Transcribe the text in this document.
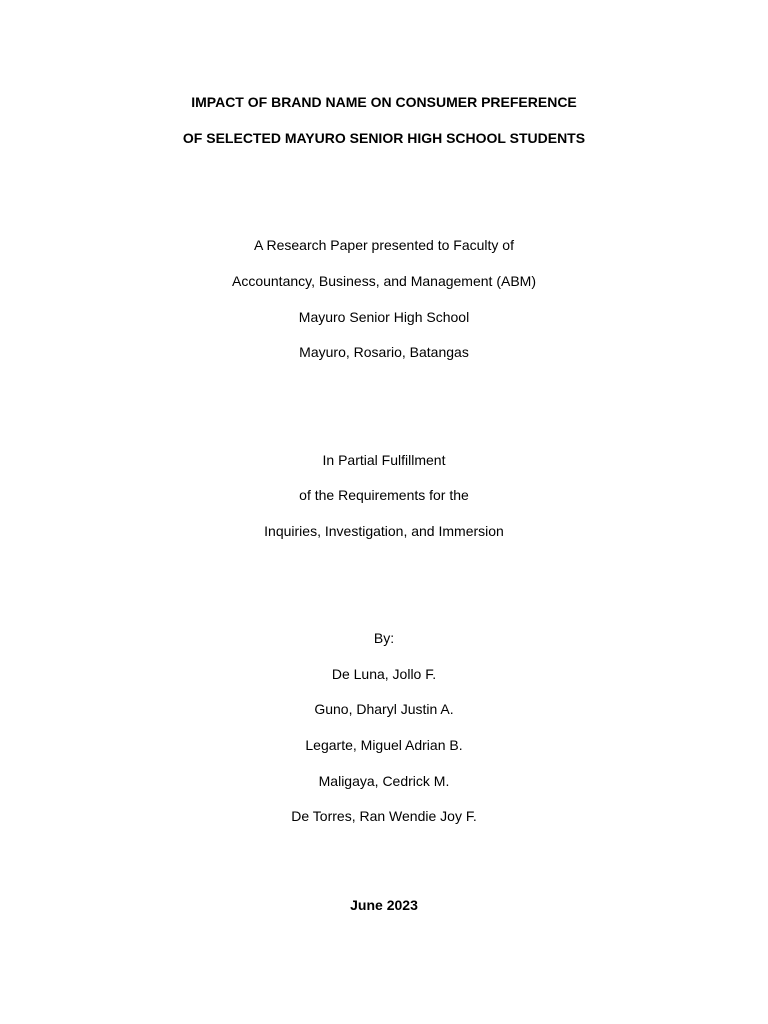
IMPACT OF BRAND NAME ON CONSUMER PREFERENCE
OF SELECTED MAYURO SENIOR HIGH SCHOOL STUDENTS
A Research Paper presented to Faculty of
Accountancy, Business, and Management (ABM)
Mayuro Senior High School
Mayuro, Rosario, Batangas
In Partial Fulfillment
of the Requirements for the
Inquiries, Investigation, and Immersion
By:
De Luna, Jollo F.
Guno, Dharyl Justin A.
Legarte, Miguel Adrian B.
Maligaya, Cedrick M.
De Torres, Ran Wendie Joy F.
June 2023
